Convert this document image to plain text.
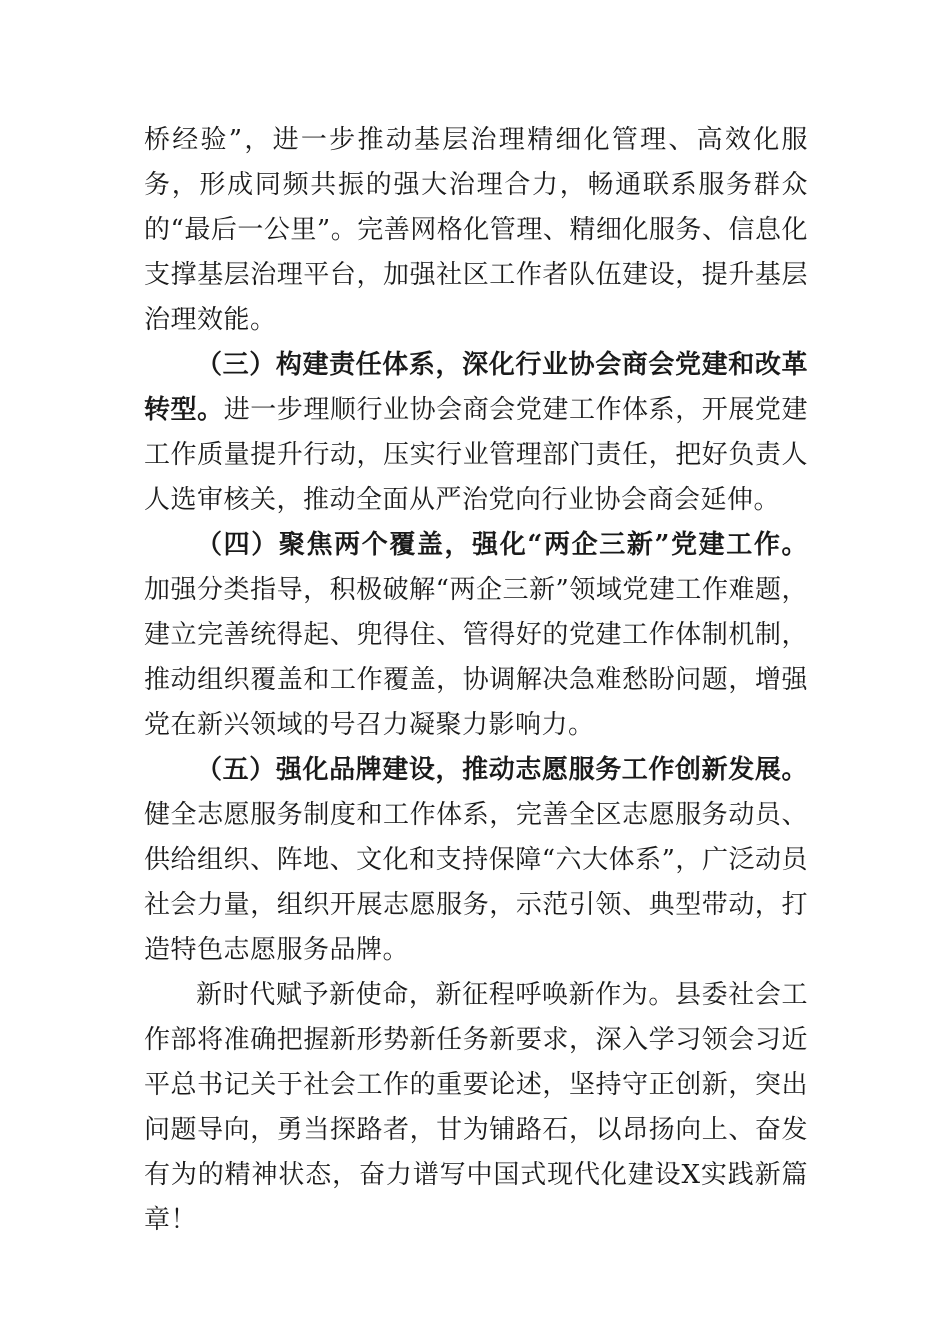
桥经验”，进一步推动基层治理精细化管理、高效化服务，形成同频共振的强大治理合力，畅通联系服务群众的“最后一公里”。完善网格化管理、精细化服务、信息化支撑基层治理平台，加强社区工作者队伍建设，提升基层治理效能。

（三）构建责任体系，深化行业协会商会党建和改革转型。进一步理顺行业协会商会党建工作体系，开展党建工作质量提升行动，压实行业管理部门责任，把好负责人人选审核关，推动全面从严治党向行业协会商会延伸。

（四）聚焦两个覆盖，强化“两企三新”党建工作。加强分类指导，积极破解“两企三新”领域党建工作难题，建立完善统得起、兜得住、管得好的党建工作体制机制，推动组织覆盖和工作覆盖，协调解决急难愁盼问题，增强党在新兴领域的号召力凝聚力影响力。

（五）强化品牌建设，推动志愿服务工作创新发展。健全志愿服务制度和工作体系，完善全区志愿服务动员、供给组织、阵地、文化和支持保障“六大体系”，广泛动员社会力量，组织开展志愿服务，示范引领、典型带动，打造特色志愿服务品牌。

新时代赋予新使命，新征程呼唤新作为。县委社会工作部将准确把握新形势新任务新要求，深入学习领会习近平总书记关于社会工作的重要论述，坚持守正创新，突出问题导向，勇当探路者，甘为铺路石，以昂扬向上、奋发有为的精神状态，奋力谱写中国式现代化建设X实践新篇章！
